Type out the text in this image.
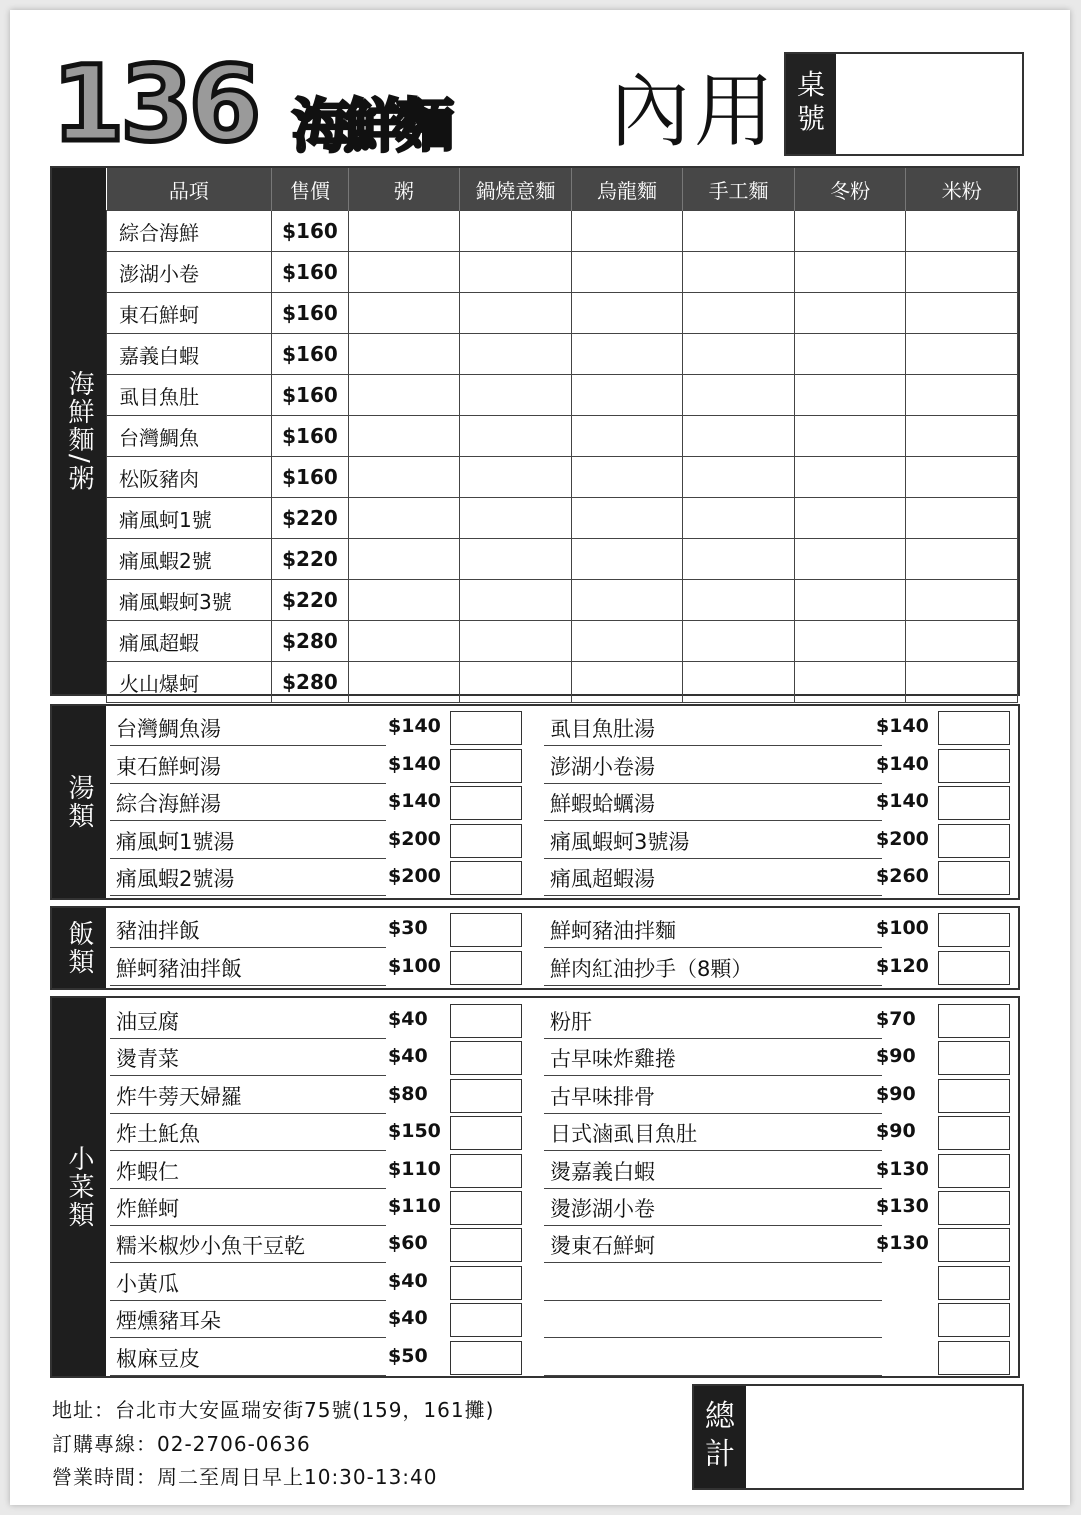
136 海鮮麵 內用 桌號
海鮮麵/粥
品項	售價	粥	鍋燒意麵	烏龍麵	手工麵	冬粉	米粉
綜合海鮮	$160						
澎湖小卷	$160						
東石鮮蚵	$160						
嘉義白蝦	$160						
虱目魚肚	$160						
台灣鯛魚	$160						
松阪豬肉	$160						
痛風蚵1號	$220						
痛風蝦2號	$220						
痛風蝦蚵3號	$220						
痛風超蝦	$280						
火山爆蚵	$280						
湯類
台灣鯛魚湯	$140
東石鮮蚵湯	$140
綜合海鮮湯	$140
痛風蚵1號湯	$200
痛風蝦2號湯	$200
虱目魚肚湯	$140
澎湖小卷湯	$140
鮮蝦蛤蠣湯	$140
痛風蝦蚵3號湯	$200
痛風超蝦湯	$260
飯類 豬油拌飯	$30
鮮蚵豬油拌飯	$100
鮮蚵豬油拌麵	$100
鮮肉紅油抄手（8顆）	$120
小菜類
油豆腐	$40
燙青菜	$40
炸牛蒡天婦羅	$80
炸土魠魚	$150
炸蝦仁	$110
炸鮮蚵	$110
糯米椒炒小魚干豆乾	$60
小黃瓜	$40
煙燻豬耳朵	$40
椒麻豆皮	$50
粉肝	$70
古早味炸雞捲	$90
古早味排骨	$90
日式滷虱目魚肚	$90
燙嘉義白蝦	$130
燙澎湖小卷	$130
燙東石鮮蚵	$130
地址：台北市大安區瑞安街75號(159，161攤)
訂購專線：02-2706-0636
營業時間：周二至周日早上10:30-13:40
總計
